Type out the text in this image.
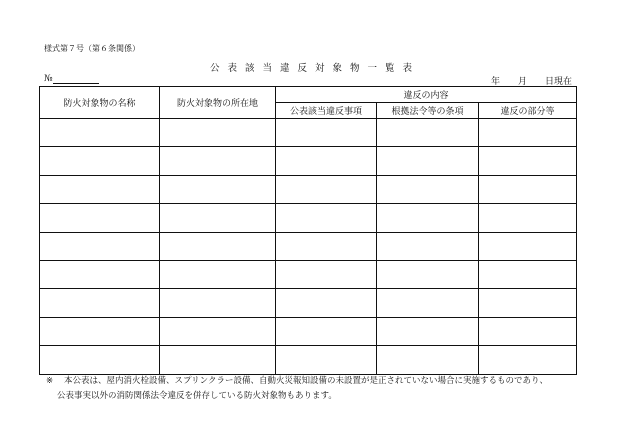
様式第７号（第６条関係）
公表該当違反対象物一覧表
№	年　　月　　日現在
防火対象物の名称	防火対象物の所在地	違反の内容		
		公表該当違反事項	根拠法令等の条項	違反の部分等

※ 本公表は、屋内消火栓設備、スプリンクラー設備、自動火災報知設備の未設置が是正されていない場合に実施するものであり、
公表事実以外の消防関係法令違反を併存している防火対象物もあります。
